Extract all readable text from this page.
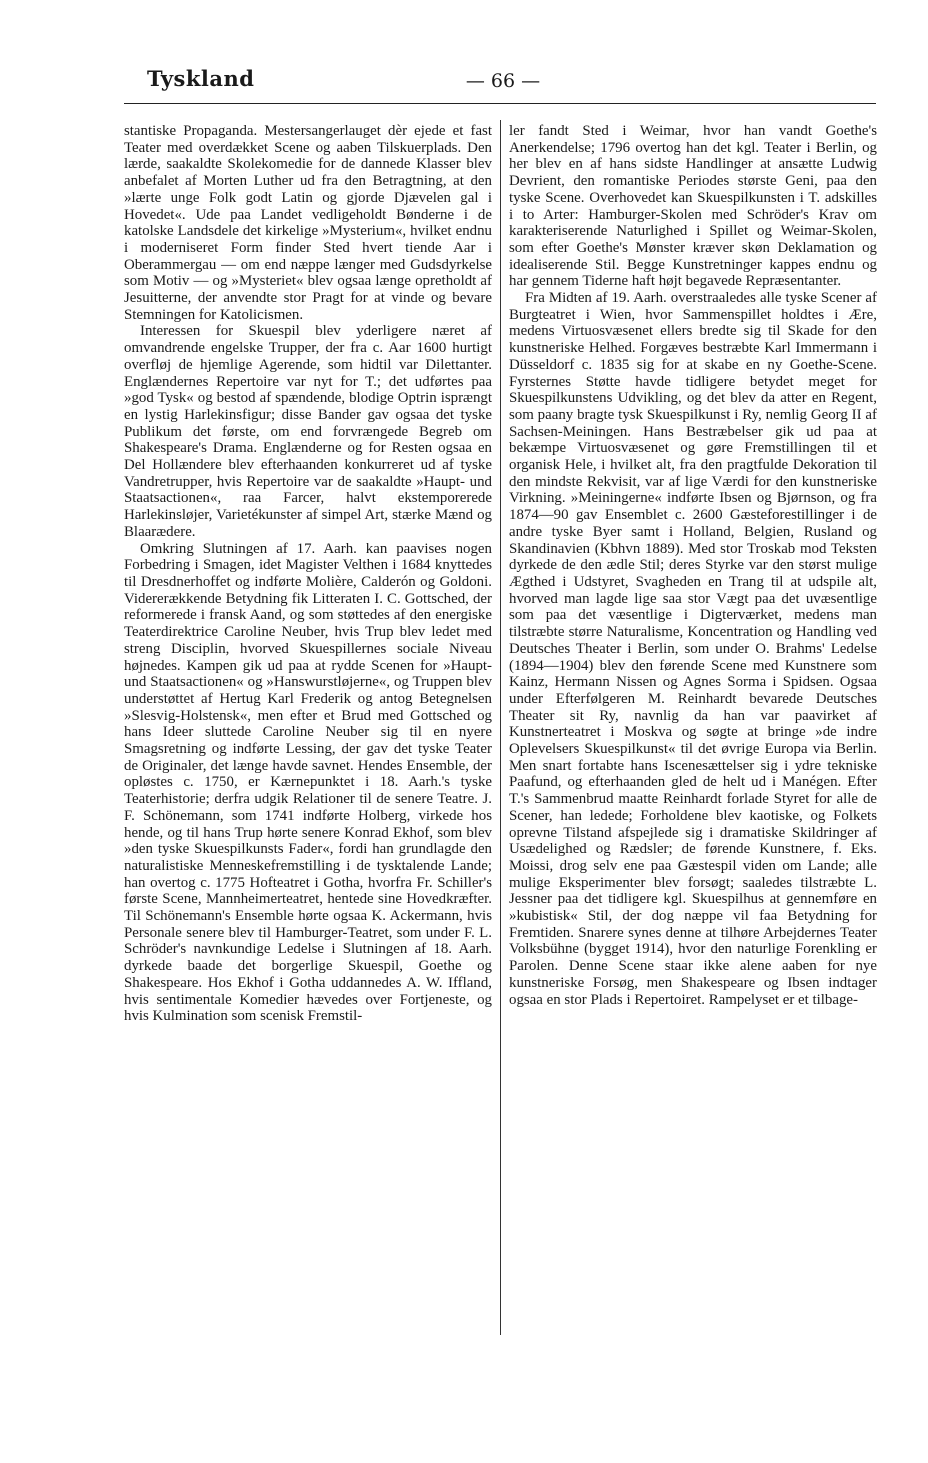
Tyskland	— 66 —

stantiske Propaganda. Mestersangerlauget dèr ejede et fast Teater med overdækket Scene og aaben Tilskuerplads. Den lærde, saakaldte Skolekomedie for de dannede Klasser blev anbefalet af Morten Luther ud fra den Betragtning, at den »lærte unge Folk godt Latin og gjorde Djævelen gal i Hovedet«. Ude paa Landet vedligeholdt Bønderne i de katolske Landsdele det kirkelige »Mysterium«, hvilket endnu i moderniseret Form finder Sted hvert tiende Aar i Oberammergau — om end næppe længer med Gudsdyrkelse som Motiv — og »Mysteriet« blev ogsaa længe opretholdt af Jesuitterne, der anvendte stor Pragt for at vinde og bevare Stemningen for Katolicismen.

Interessen for Skuespil blev yderligere næret af omvandrende engelske Trupper, der fra c. Aar 1600 hurtigt overfløj de hjemlige Agerende, som hidtil var Dilettanter. Englændernes Repertoire var nyt for T.; det udførtes paa »god Tysk« og bestod af spændende, blodige Optrin isprængt en lystig Harlekinsfigur; disse Bander gav ogsaa det tyske Publikum det første, om end forvrængede Begreb om Shakespeare's Drama. Englænderne og for Resten ogsaa en Del Hollændere blev efterhaanden konkurreret ud af tyske Vandretrupper, hvis Repertoire var de saakaldte »Haupt- und Staatsactionen«, raa Farcer, halvt ekstemporerede Harlekinsløjer, Varietékunster af simpel Art, stærke Mænd og Blaarædere.

Omkring Slutningen af 17. Aarh. kan paavises nogen Forbedring i Smagen, idet Magister Velthen i 1684 knyttedes til Dresdnerhoffet og indførte Molière, Calderón og Goldoni. Vidererækkende Betydning fik Litteraten I. C. Gottsched, der reformerede i fransk Aand, og som støttedes af den energiske Teaterdirektrice Caroline Neuber, hvis Trup blev ledet med streng Disciplin, hvorved Skuespillernes sociale Niveau højnedes. Kampen gik ud paa at rydde Scenen for »Haupt- und Staatsactionen« og »Hanswurstløjerne«, og Truppen blev understøttet af Hertug Karl Frederik og antog Betegnelsen »Slesvig-Holstensk«, men efter et Brud med Gottsched og hans Ideer sluttede Caroline Neuber sig til en nyere Smagsretning og indførte Lessing, der gav det tyske Teater de Originaler, det længe havde savnet. Hendes Ensemble, der opløstes c. 1750, er Kærnepunktet i 18. Aarh.'s tyske Teaterhistorie; derfra udgik Relationer til de senere Teatre. J. F. Schönemann, som 1741 indførte Holberg, virkede hos hende, og til hans Trup hørte senere Konrad Ekhof, som blev »den tyske Skuespilkunsts Fader«, fordi han grundlagde den naturalistiske Menneskefremstilling i de tysktalende Lande; han overtog c. 1775 Hofteatret i Gotha, hvorfra Fr. Schiller's første Scene, Mannheimerteatret, hentede sine Hovedkræfter. Til Schönemann's Ensemble hørte ogsaa K. Ackermann, hvis Personale senere blev til Hamburger-Teatret, som under F. L. Schröder's navnkundige Ledelse i Slutningen af 18. Aarh. dyrkede baade det borgerlige Skuespil, Goethe og Shakespeare. Hos Ekhof i Gotha uddannedes A. W. Iffland, hvis sentimentale Komedier hævedes over Fortjeneste, og hvis Kulmination som scenisk Fremstil-

ler fandt Sted i Weimar, hvor han vandt Goethe's Anerkendelse; 1796 overtog han det kgl. Teater i Berlin, og her blev en af hans sidste Handlinger at ansætte Ludwig Devrient, den romantiske Periodes største Geni, paa den tyske Scene. Overhovedet kan Skuespilkunsten i T. adskilles i to Arter: Hamburger-Skolen med Schröder's Krav om karakteriserende Naturlighed i Spillet og Weimar-Skolen, som efter Goethe's Mønster kræver skøn Deklamation og idealiserende Stil. Begge Kunstretninger kappes endnu og har gennem Tiderne haft højt begavede Repræsentanter.

Fra Midten af 19. Aarh. overstraaledes alle tyske Scener af Burgteatret i Wien, hvor Sammenspillet holdtes i Ære, medens Virtuosvæsenet ellers bredte sig til Skade for den kunstneriske Helhed. Forgæves bestræbte Karl Immermann i Düsseldorf c. 1835 sig for at skabe en ny Goethe-Scene. Fyrsternes Støtte havde tidligere betydet meget for Skuespilkunstens Udvikling, og det blev da atter en Regent, som paany bragte tysk Skuespilkunst i Ry, nemlig Georg II af Sachsen-Meiningen. Hans Bestræbelser gik ud paa at bekæmpe Virtuosvæsenet og gøre Fremstillingen til et organisk Hele, i hvilket alt, fra den pragtfulde Dekoration til den mindste Rekvisit, var af lige Værdi for den kunstneriske Virkning. »Meiningerne« indførte Ibsen og Bjørnson, og fra 1874—90 gav Ensemblet c. 2600 Gæsteforestillinger i de andre tyske Byer samt i Holland, Belgien, Rusland og Skandinavien (Kbhvn 1889). Med stor Troskab mod Teksten dyrkede de den ædle Stil; deres Styrke var den størst mulige Ægthed i Udstyret, Svagheden en Trang til at udspile alt, hvorved man lagde lige saa stor Vægt paa det uvæsentlige som paa det væsentlige i Digterværket, medens man tilstræbte større Naturalisme, Koncentration og Handling ved Deutsches Theater i Berlin, som under O. Brahms' Ledelse (1894—1904) blev den førende Scene med Kunstnere som Kainz, Hermann Nissen og Agnes Sorma i Spidsen. Ogsaa under Efterfølgeren M. Reinhardt bevarede Deutsches Theater sit Ry, navnlig da han var paavirket af Kunstnerteatret i Moskva og søgte at bringe »de indre Oplevelsers Skuespilkunst« til det øvrige Europa via Berlin. Men snart fortabte hans Iscenesættelser sig i ydre tekniske Paafund, og efterhaanden gled de helt ud i Manégen. Efter T.'s Sammenbrud maatte Reinhardt forlade Styret for alle de Scener, han ledede; Forholdene blev kaotiske, og Folkets oprevne Tilstand afspejlede sig i dramatiske Skildringer af Usædelighed og Rædsler; de førende Kunstnere, f. Eks. Moissi, drog selv ene paa Gæstespil viden om Lande; alle mulige Eksperimenter blev forsøgt; saaledes tilstræbte L. Jessner paa det tidligere kgl. Skuespilhus at gennemføre en »kubistisk« Stil, der dog næppe vil faa Betydning for Fremtiden. Snarere synes denne at tilhøre Arbejdernes Teater Volksbühne (bygget 1914), hvor den naturlige Forenkling er Parolen. Denne Scene staar ikke alene aaben for nye kunstneriske Forsøg, men Shakespeare og Ibsen indtager ogsaa en stor Plads i Repertoiret. Rampelyset er et tilbage-
